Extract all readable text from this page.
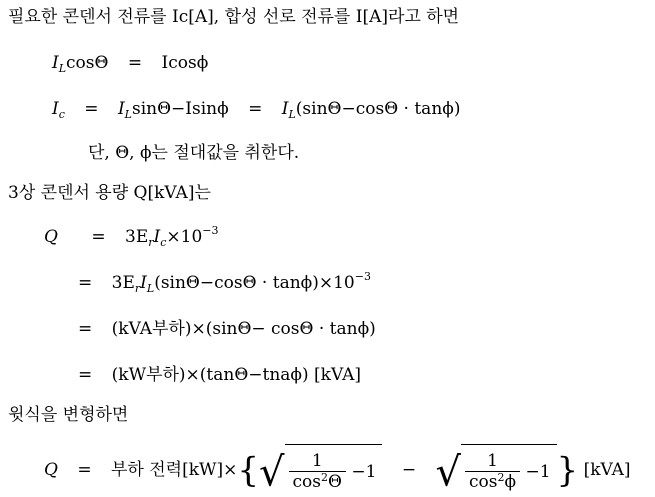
필요한 콘덴서 전류를 Ic[A], 합성 선로 전류를 I[A]라고 하면
$I_L\cos\Theta = Icos\phi$
$I_c = I_L\sin\Theta-Isin\phi = I_L(\sin\Theta-\cos\Theta \cdot \tan\phi)$
단, Θ, ϕ는 절대값을 취한다.
3상 콘덴서 용량 Q[kVA]는
$Q = 3E_rI_c\times 10^{-3}$
= $3E_rI_L(\sin\Theta-\cos\Theta \cdot \tan\phi)\times 10^{-3}$
= (kVA부하)×(sinΘ− cosΘ · tanϕ)
= (kW부하)×(tanΘ−tnaϕ) [kVA]
윗식을 변형하면
Q = 부하 전력$[kW]\times\{√ \frac{1}{\cos^2\Theta} -1$ − √ $\frac{1}{\cos^2\phi} -1$ } [kVA]
